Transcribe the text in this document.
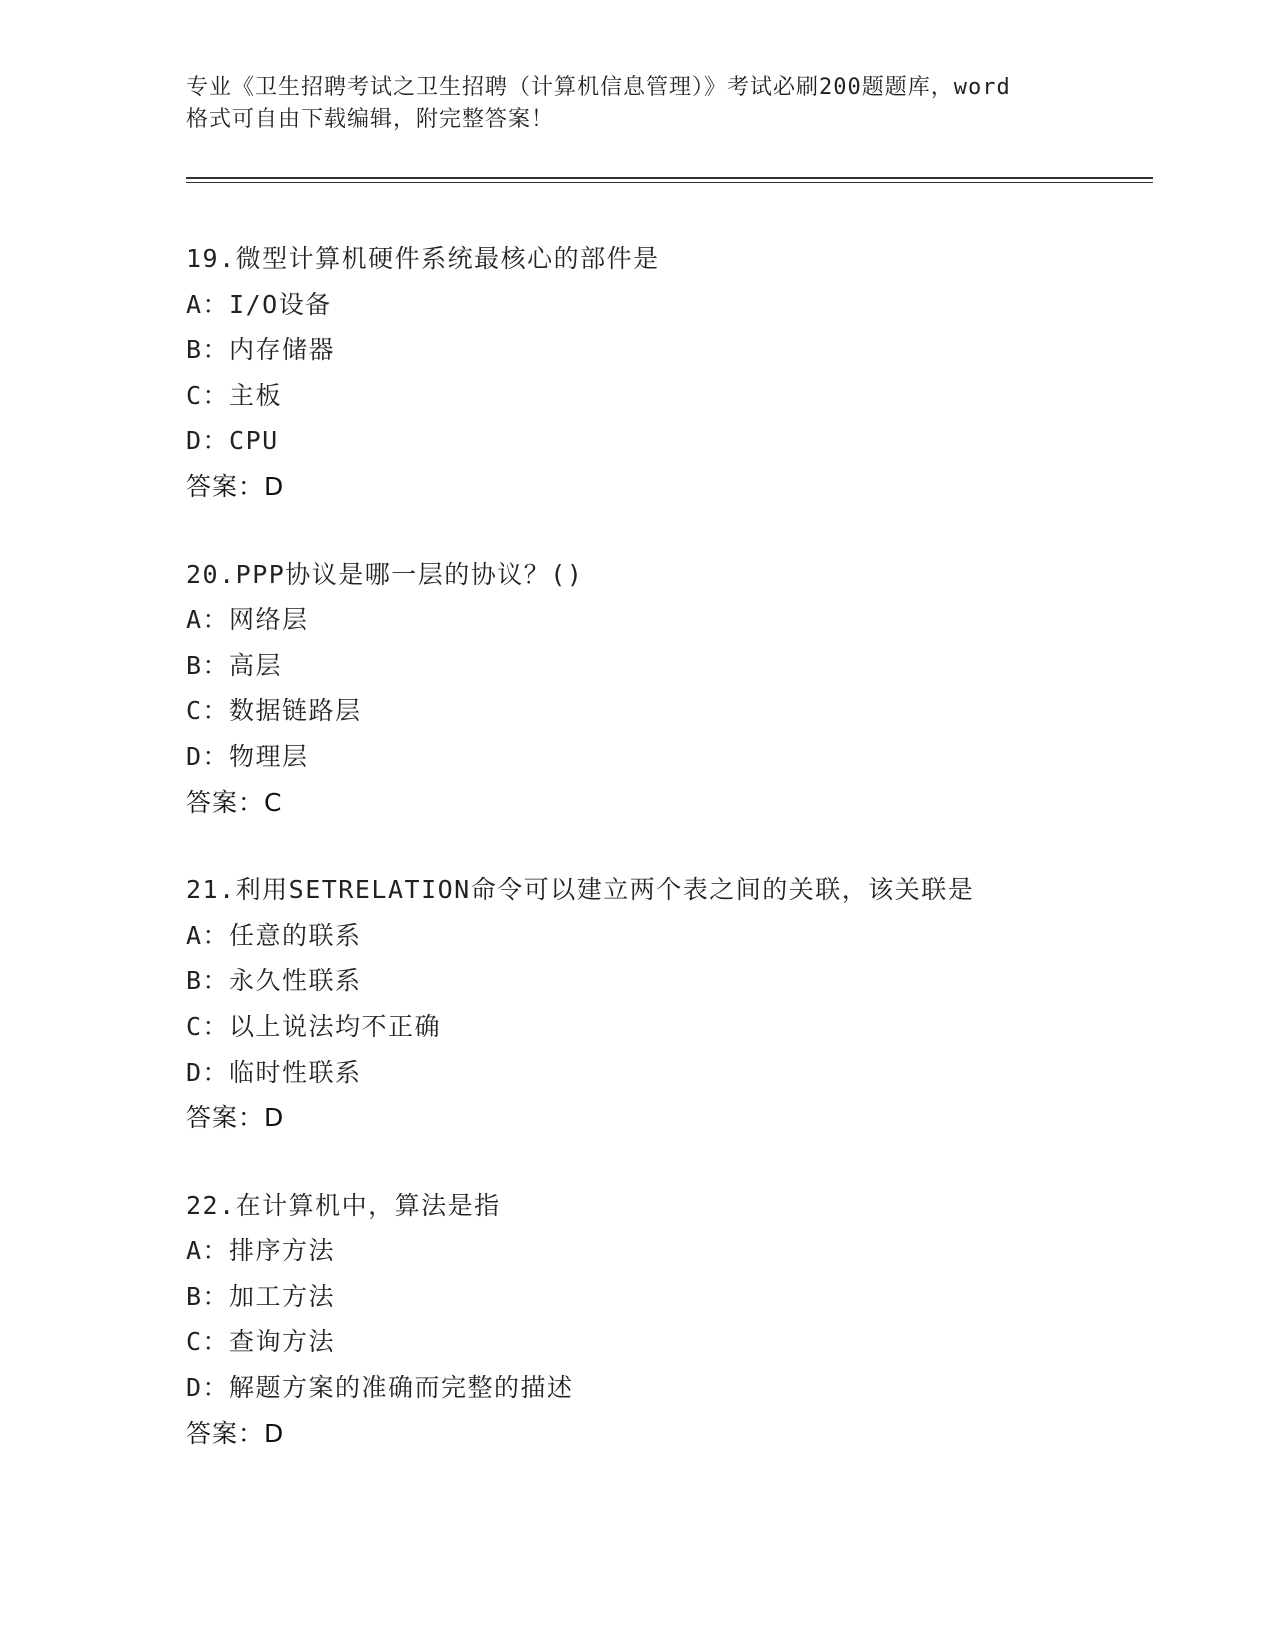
专业《卫生招聘考试之卫生招聘（计算机信息管理）》考试必刷200题题库，word
格式可自由下载编辑，附完整答案！
19.微型计算机硬件系统最核心的部件是
A：I/O设备
B：内存储器
C：主板
D：CPU
答案：D
20.PPP协议是哪一层的协议？()
A：网络层
B：高层
C：数据链路层
D：物理层
答案：C
21.利用SETRELATION命令可以建立两个表之间的关联，该关联是
A：任意的联系
B：永久性联系
C：以上说法均不正确
D：临时性联系
答案：D
22.在计算机中，算法是指
A：排序方法
B：加工方法
C：查询方法
D：解题方案的准确而完整的描述
答案：D
